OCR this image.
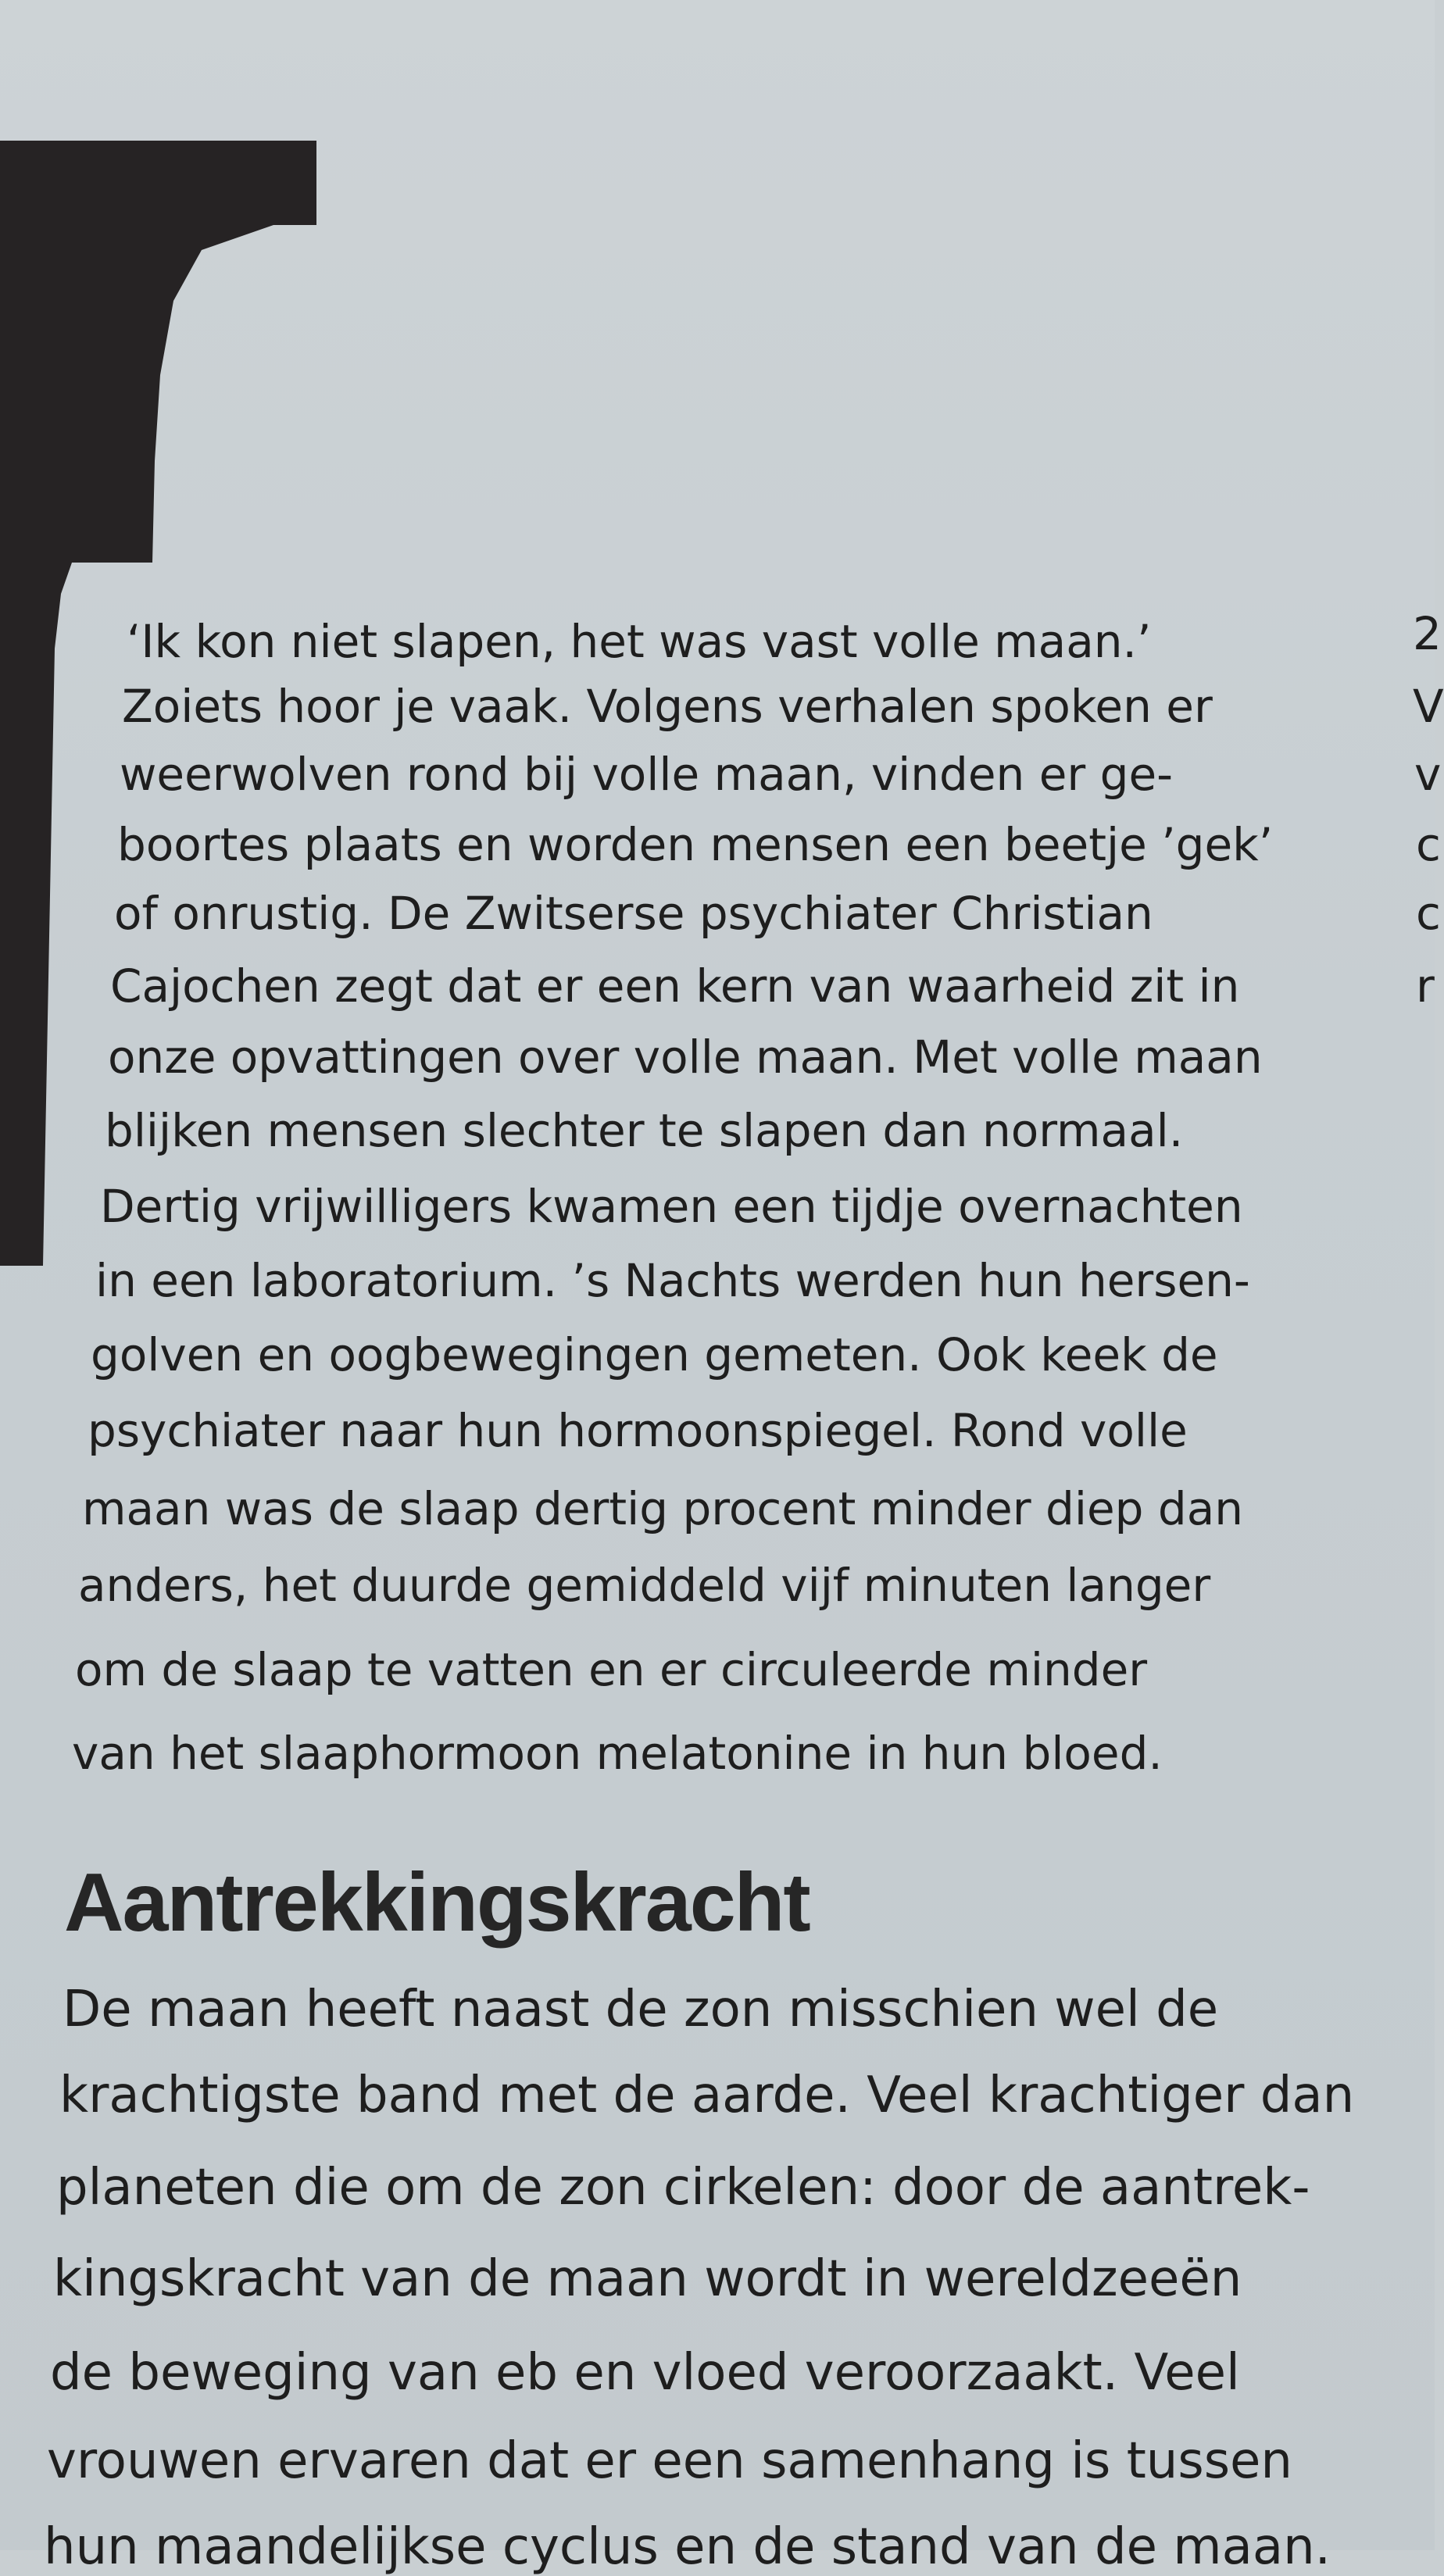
‘Ik kon niet slapen, het was vast volle maan.’

Zoiets hoor je vaak. Volgens verhalen spoken er

weerwolven rond bij volle maan, vinden er ge-

boortes plaats en worden mensen een beetje ’gek’

of onrustig. De Zwitserse psychiater Christian

Cajochen zegt dat er een kern van waarheid zit in

onze opvattingen over volle maan. Met volle maan

blijken mensen slechter te slapen dan normaal.

Dertig vrijwilligers kwamen een tijdje overnachten

in een laboratorium. ’s Nachts werden hun hersen-

golven en oogbewegingen gemeten. Ook keek de

psychiater naar hun hormoonspiegel. Rond volle

maan was de slaap dertig procent minder diep dan

anders, het duurde gemiddeld vijf minuten langer

om de slaap te vatten en er circuleerde minder

van het slaaphormoon melatonine in hun bloed.

Aantrekkingskracht

De maan heeft naast de zon misschien wel de

krachtigste band met de aarde. Veel krachtiger dan

planeten die om de zon cirkelen: door de aantrek-

kingskracht van de maan wordt in wereldzeeën

de beweging van eb en vloed veroorzaakt. Veel

vrouwen ervaren dat er een samenhang is tussen

hun maandelijkse cyclus en de stand van de maan.

2
V
v
c
c
r
